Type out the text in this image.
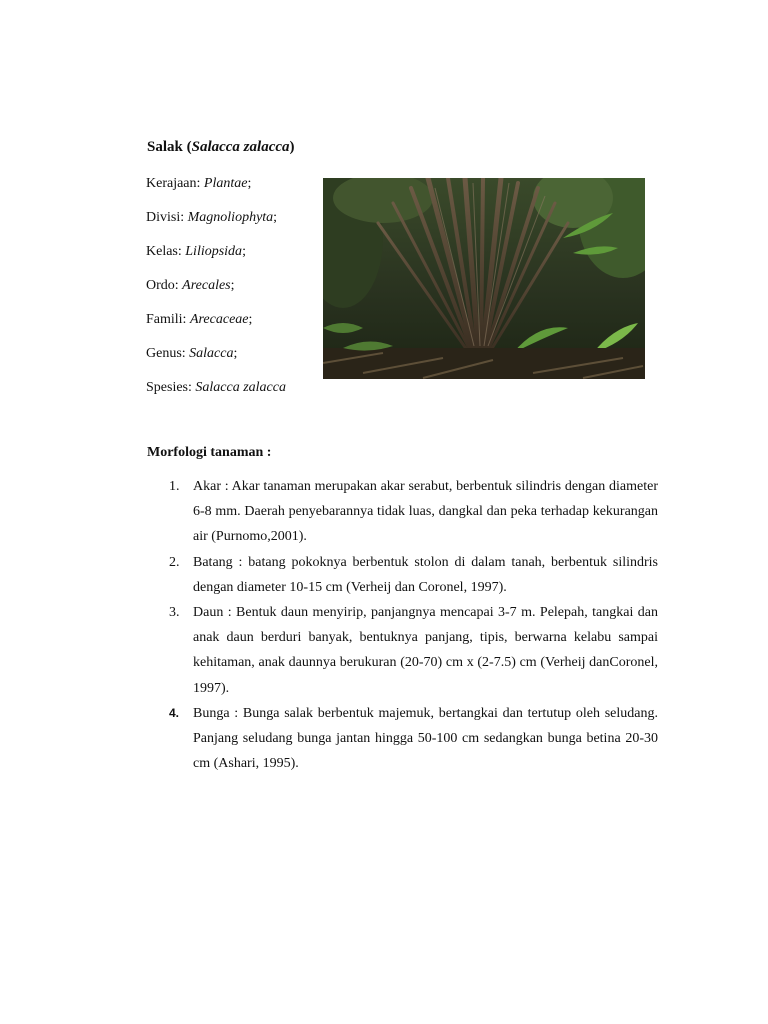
Salak (Salacca zalacca)
Kerajaan: Plantae;
Divisi: Magnoliophyta;
Kelas: Liliopsida;
Ordo: Arecales;
Famili: Arecaceae;
Genus: Salacca;
Spesies: Salacca zalacca
Morfologi tanaman :
1. Akar : Akar tanaman merupakan akar serabut, berbentuk silindris dengan diameter 6-8 mm. Daerah penyebarannya tidak luas, dangkal dan peka terhadap kekurangan air (Purnomo,2001).
2. Batang : batang pokoknya berbentuk stolon di dalam tanah, berbentuk silindris dengan diameter 10-15 cm (Verheij dan Coronel, 1997).
3. Daun : Bentuk daun menyirip, panjangnya mencapai 3-7 m. Pelepah, tangkai dan anak daun berduri banyak, bentuknya panjang, tipis, berwarna kelabu sampai kehitaman, anak daunnya berukuran (20-70) cm x (2-7.5) cm (Verheij danCoronel, 1997).
4. Bunga : Bunga salak berbentuk majemuk, bertangkai dan tertutup oleh seludang. Panjang seludang bunga jantan hingga 50-100 cm sedangkan bunga betina 20-30 cm (Ashari, 1995).
